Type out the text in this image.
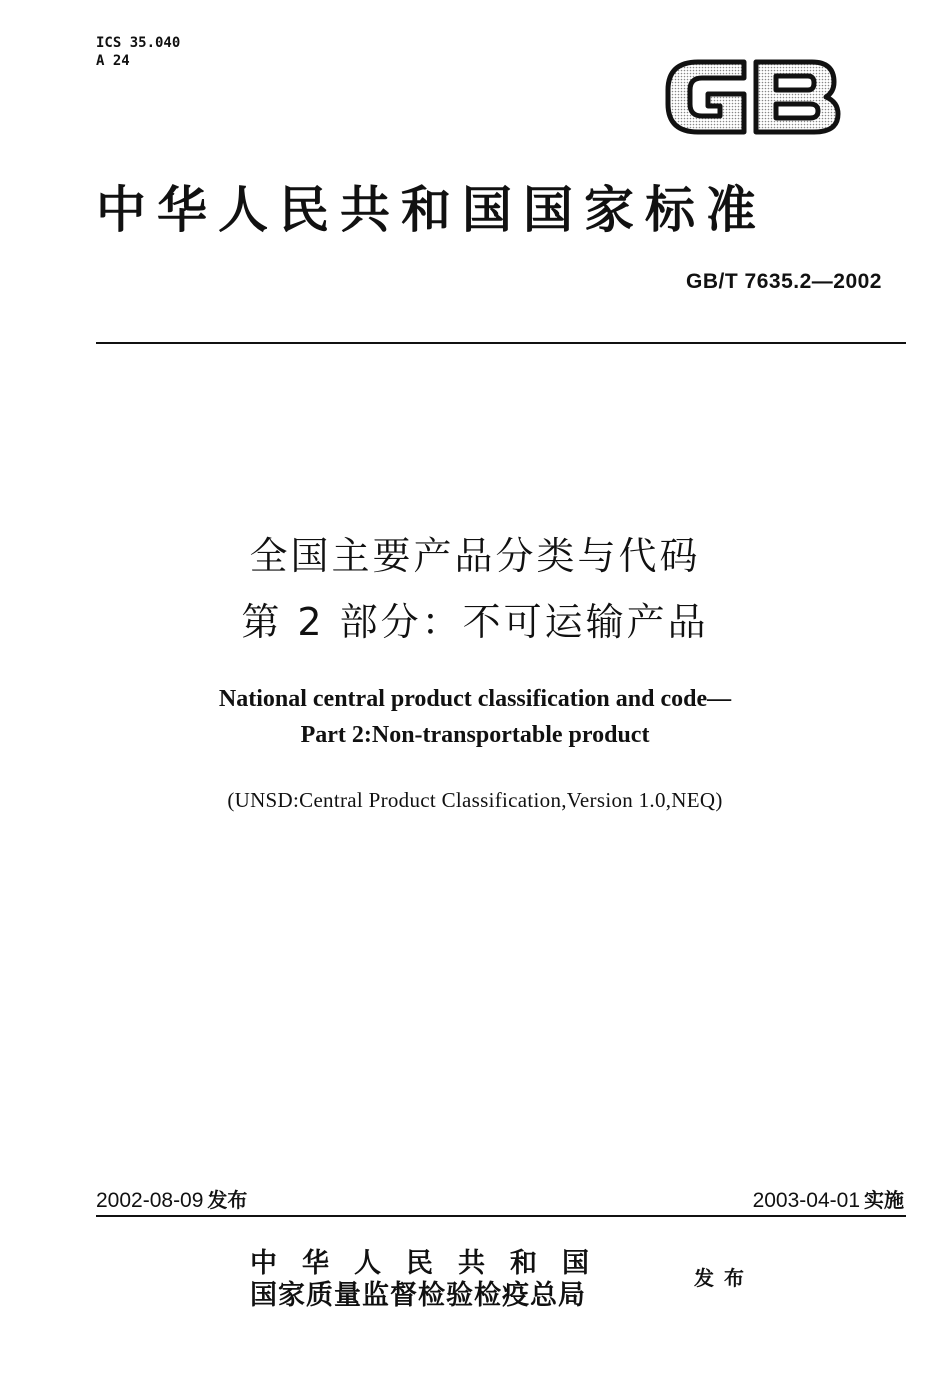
ICS 35.040
A 24
中华人民共和国国家标准
GB/T 7635.2—2002
全国主要产品分类与代码
第 2 部分：不可运输产品
National central product classification and code—
Part 2:Non-transportable product
(UNSD:Central Product Classification,Version 1.0,NEQ)
2002-08-09 发布	2003-04-01 实施
中华人民共和国
国家质量监督检验检疫总局
发布
